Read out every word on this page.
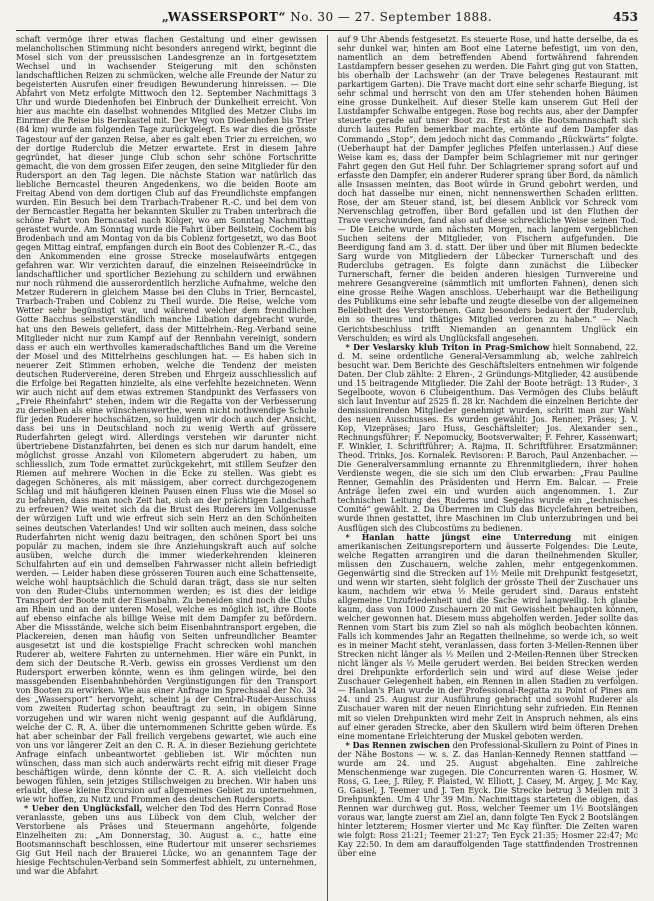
„WASSERSPORT“ No. 30 — 27. September 1888.	453

schaft vermöge ihrer etwas flachen Gestaltung und einer gewissen melancholischen Stimmung nicht besonders anregend wirkt, beginnt die Mosel sich von der preussischen Landesgrenze an in fortgesetztem Wechsel und in wachsender Steigerung mit den schönsten landschaftlichen Reizen zu schmücken, welche alle Freunde der Natur zu begeisterten Ausrufen einer freudigen Bewunderung hinreissen. — Die Abfahrt von Metz erfolgte Mittwoch den 12. September Nachmittags 3 Uhr und wurde Diedenhofen bei Einbruch der Dunkelheit erreicht. Von hier aus machte ein daselbst wohnendes Mitglied des Metzer Clubs im Einrmer die Reise bis Bernkastel mit. Der Weg von Diedenhofen bis Trier (84 km) wurde am folgenden Tage zurückgelegt. Es war dies die grösste Tagestour auf der ganzen Reise, aber es galt eben Trier zu erreichen, wo der dortige Ruderclub die Metzer erwartete. Erst in diesem Jahre gegründet, hat dieser junge Club schon sehr schöne Fortschritte gemacht, die von dem grossen Eifer zeugen, den seine Mitglieder für den Rudersport an den Tag legen. Die nächste Station war natürlich das liebliche Berncastel theuren Angedenkens, wo die beiden Boote am Freitag Abend von dem dortigen Club auf das Freundlichste empfangen wurden. Ein Besuch bei dem Trarbach-Trabener R.-C. und bei dem von der Berncastler Regatta her bekannten Skuller zu Traben unterbrach die schöne Fahrt von Berncastel nach Kölger, wo am Sonntag Nachmittag gerastet wurde. Am Sonntag wurde die Fahrt über Beilstein, Cochem bis Brodenbach und am Montag von da bis Coblenz fortgesetzt, wo das Boot gegen Mittag eintraf, empfangen durch ein Boot des Coblenzer R.-C., das den Ankommenden eine grosse Strecke moselaufwärts entgegen gefahren war. Wir verzichten darauf, die einzelnen Reiseeindrücke in landschaftlicher und sportlicher Beziehung zu schildern und erwähnen nur noch rühmend die ausserordentlich herzliche Aufnahme, welche den Metzer Ruderern in gleichem Masse bei den Clubs in Trier, Berncastel, Trarbach-Traben und Coblenz zu Theil wurde. Die Reise, welche vom Wetter sehr begünstigt war, und während welcher dem freundlichen Gotte Bacchus selbstverständlich manche Libation dargebracht wurde, hat uns den Beweis geliefert, dass der Mittelrhein.-Reg.-Verband seine Mitglieder nicht nur zum Kampf auf der Rennbahn vereinigt, sondern dass er auch ein werthvolles kameradschaftliches Band um die Vereine der Mosel und des Mittelrheins geschlungen hat. — Es haben sich in neuerer Zeit Stimmen erhoben, welche die Tendenz der meisten deutschen Rudervereine, deren Streben und Ehrgeiz ausschliesslich auf die Erfolge bei Regatten hinzielte, als eine verfehlte bezeichneten. Wenn wir auch nicht auf dem etwas extremen Standpunkt des Verfassers von „Freie Rheinfahrt“ stehen, indem wir die Regatta von der Verbesserung zu derselben als eine wünschenswerthe, wenn nicht nothwendige Schule für jeden Ruderer hochschätzen, so huldigen wir doch auch der Ansicht, dass bei uns in Deutschland noch zu wenig Werth auf grössere Ruderfahrten gelegt wird. Allerdings verstehen wir darunter nicht übertriebene Distanzfahrten, bei denen es sich nur darum handelt, eine möglichst grosse Anzahl von Kilometern abgerudert zu haben, um schliesslich, zum Tode ermattet zurückgekehrt, mit stillem Seufzer den Riemen auf mehrere Wochen in die Ecke zu stellen. Was giebt es dagegen Schöneres, als mit mässigem, aber correct durchgezogenem Schlag und mit häufigeren kleinen Pausen einen Fluss wie die Mosel so zu befahren, dass man noch Zeit hat, sich an der prächtigen Landschaft zu erfreuen? Wie weitet sich da die Brust des Ruderers im Vollgenusse der würzigen Luft und wie erfreut sich sein Herz an den Schönheiten seines deutschen Vaterlandes! Und wir sollten auch meinen, dass solche Ruderfahrten nicht wenig dazu beitragen, den schönen Sport bei uns populär zu machen, indem sie ihre Anziehungskraft auch auf solche ausüben, welche durch die immer wiederkehrenden kleineren Schulfahrten auf ein und demselben Fahrwasser nicht allein befriedigt werden. — Leider haben diese grösseren Touren auch eine Schattenseite, welche wohl hauptsächlich die Schuld daran trägt, dass sie nur selten von den Ruder-Clubs unternommen werden; es ist dies der leidige Transport der Boote mit der Eisenbahn. Zu beneiden sind noch die Clubs am Rhein und an der unteren Mosel, welche es möglich ist, ihre Boote auf ebenso einfache als billige Weise mit dem Dampfer zu befördern. Aber die Missstände, welche sich beim Eisenbahntransport ergeben, die Plackereien, denen man häufig von Seiten unfreundlicher Beamter ausgesetzt ist und die kostspielige Fracht schrecken wohl manchen Ruderer ab, weitere Fahrten zu unternehmen. Hier wäre ein Punkt, in dem sich der Deutsche R.-Verb. gewiss ein grosses Verdienst um den Rudersport erwerben könnte, wenn es ihm gelingen würde, bei den massgebenden Eisenbahnbehörden Vergünstigungen für den Transport von Booten zu erwirken. Wie aus einer Anfrage im Sprechsaal der No. 34 des „Wassersport“ hervorgeht, scheint ja der Central-Ruder-Ausschuss vom zweiten Rudertag schon beauftragt zu sein, in obigem Sinne vorzugehen und wir waren nicht wenig gespannt auf die Aufklärung, welche der C. R. A. über die unternommenen Schritte geben würde. Es hat aber scheinbar der Fall freilich vergebens gewartet, wie auch eine von uns vor längerer Zeit an den C. R. A. in dieser Beziehung gerichtete Anfrage einfach unbeantwortet geblieben ist. Wir möchten nun wünschen, dass man sich auch anderwärts recht eifrig mit dieser Frage beschäftigen würde, denn könnte der C. R. A. sich vielleicht doch bewogen fühlen, sein jetziges Stillschweigen zu brechen. Wir haben uns erlaubt, diese kleine Excursion auf allgemeines Gebiet zu unternehmen, wie wir hoffen, zu Nutz und Frommen des deutschen Rudersports.

* Ueber den Unglücksfall, welcher den Tod des Herrn Conrad Rose veranlasste, geben uns aus Lübeck von dem Club, welcher der Verstorbene als Präses und Steuermann angehörte, folgende Einzelheiten zu: „Am Donnerstag, 30. August a. c., hatte eine Bootsmannschaft beschlossen, eine Rudertour mit unserer sechsriemes Gig Gut Heil nach der Brauerei Lücke, wo an genanntem Tage der hiesige Fechtschulen-Verband sein Sommerfest abhielt, zu unternehmen, und war die Abfahrt

auf 9 Uhr Abends festgesetzt. Es steuerte Rose, und hatte derselbe, da es sehr dunkel war, hinten am Boot eine Laterne befestigt, um von den, namentlich an dem betreffenden Abend fortwährend fahrenden Lastdampfern besser gesehen zu werden. Die Fahrt ging gut von Statten, bis oberhalb der Lachswehr (an der Trave belegenes Restaurant mit parkartigem Garten). Die Trave macht dort eine sehr scharfe Biegung, ist sehr schmal und herrscht von den am Ufer stehenden hohen Bäumen eine grosse Dunkelheit. Auf dieser Stelle kam unserem Gut Heil der Lustdampfer Schwalbe entgegen. Rose bog rechts aus, aber der Dampfer steuerte gerade auf unser Boot zu. Erst als die Bootsmannschaft sich durch lautes Rufen bemerkbar machte, ertönte auf dem Dampfer das Commando „Stop“, dem jedoch nicht das Commando „Rückwärts“ folgte. (Ueberhaupt hat der Dampfer jegliches Pfeifen unterlassen.) Auf diese Weise kam es, dass der Dampfer beim Schlagriemer mit nur geringer Fahrt gegen den Gut Heil fuhr. Der Schlagriemer sprang sofort auf und erfasste den Dampfer, ein anderer Ruderer sprang über Bord, da nämlich alle Insassen meinten, das Boot würde in Grund gebohrt werden, und doch hat dasselbe nur einen, nicht nennenswerthen Schaden erlitten. Rose, der am Steuer stand, ist, bei diesem Anblick vor Schreck vom Nervenschlag getroffen, über Bord gefallen und ist den Fluthen der Trave verschwunden, fand also auf diese schreckliche Weise seinen Tod. — Die Leiche wurde am nächsten Morgen, nach langem vergeblichen Suchen seitens der Mitglieder, von Fischern aufgefunden. Die Beerdigung fand am 3. d. statt. Der über und über mit Blumen bedeckte Sarg wurde von Mitgliedern der Lübecker Turnerschaft und des Ruderclubs getragen. Es folgte dann zunächst die Lübecker Turnerschaft, ferner die beiden anderen hiesigen Turnvereine und mehrere Gesangvereine (sämmtlich mit umflorten Fahnen), denen sich eine grosse Reihe Wagen anschloss. Ueberhaupt war die Betheiligung des Publikums eine sehr lebafte und zeugte dieselbe von der allgemeinen Beliebtheit des Verstorbenen. Ganz besonders bedauert der Ruderclub, ein so theures und thätiges Mitglied verloren zu haben.“ — Nach Gerichtsbeschluss trifft Niemanden an genanntem Unglück ein Verschulden; es wird als Unglücksfall angesehen.

* Der Veslarsky klub Triton in Prag-Smichow hielt Sonnabend, 22. d. M. seine ordentliche General-Versammlung ab, welche zahlreich besucht war. Dem Berichte des Geschäftsleiters entnehmen wir folgende Daten. Der Club zählte: 2 Ehren-, 2 Gründungs-Mitglieder, 42 ausübende und 15 beitragende Mitglieder. Die Zahl der Boote beträgt: 13 Ruder-, 3 Segelboote, wovon 6 Clubeigenthum. Das Vermögen des Clubs beläuft sich laut Inventur auf 2525 fl. 28 kr. Nachdem die einzelnen Berichte der demissionirenden Mitglieder genehmigt wurden, schritt man zur Wahl des neuen Ausschusses. Es wurden gewählt: Jos. Renner, Präses; J. V. Kop, Vizepräses; Jaro Huss, Geschäftsleiter; Jos. Alexander sen., Rechnungsführer; F. Nepomucky, Bootsverwalter; F. Fehrer, Kassenwart; F. Winkler, I. Schriftführer; A. Rajma, II. Schriftführer. Ersatzmänner: Theod. Trinks, Jos. Kornalek. Revisoren: P. Baroch, Paul Anzenbacher. — Die Generalversammlung ernannte zu Ehrenmitgliedern, ihrer hohen Verdienste wegen, die sie sich um den Club erwarben: „Frau Pauline Renner, Gemahlin des Präsidenten und Herrn Em. Balcar. — Freie Anträge liefen zwei ein und wurden auch angenommen. 1. Zur technischen Leitung des Ruderns und Segelns wurde ein „technisches Comité“ gewählt. 2. Da Überrmen im Club das Bicyclefahren betreiben, wurde ihnen gestattet, ihre Maschinen im Club unterzubringen und bei Ausflügen sich des Clubcostüms zu bedienen.

* Hanlan hatte jüngst eine Unterredung mit einigen amerikanischen Zeitungsreportern und äusserte Folgendes: Die Leute, welche Regatten arrangiren und die daran theilnehmenden Skuller, müssen den Zuschauern, welche zahlen, mehr entgegenkommen. Gegenwärtig sind die Strecken auf 1½ Meile mit Drehpunkt festgesetzt, und wenn wir starten, sieht folglich der grösste Theil der Zuschauer uns kaum, nachdem wir etwa ½ Meile gerudert sind. Daraus entsteht allgemeine Unzufriedenheit und die Sache wird langweilig. Ich glaube kaum, dass von 1000 Zuschauern 20 mit Gewissheit behaupten können, welcher gewonnen hat. Diesem muss abgeholfen werden. Jeder sollte das Rennen vom Start bis zum Ziel so nah als möglich beobachten können. Falls ich kommendes Jahr an Regatten theilnehme, so werde ich, so weit es in meiner Macht steht, veranlassen, dass forten 3-Meilen-Rennen über Strecken nicht länger als ½ Meilen und 2-Meilen-Rennen über Strecken nicht länger als ⅓ Meile gerudert werden. Bei beiden Strecken werden drei Drehpunkte erforderlich sein und wird auf diese Weise jeder Zuschauer Gelegenheit haben, ein Rennen in allen Stadien zu verfolgen. — Hanlan's Plan wurde in der Professional-Regatta zu Point of Pines am 24. und 25. August zur Ausführung gebracht und sowohl Ruderer als Zuschauer waren mit der neuen Einrichtung sehr zufrieden. Ein Rennen mit so vielen Drehpunkten wird mehr Zeit in Anspruch nehmen, als eins auf einer geraden Strecke, aber den Skullern wird beim öfteren Drehen eine momentane Erleichterung der Muskel geboten werden.

* Das Rennen zwischen den Professional-Skullern zu Point of Pines in der Nähe Bostons — w. s. Z. das Hanlan-Kennedy Rennen stattfand — wurde am 24. und 25. August abgehalten. Eine zahlreiche Menschenmenge war zugegen. Die Concurrenten waren G. Hosmer, W. Ross, G. Lee, J. Riley, F. Plaisted, W. Elliott, J. Casey, M. Argey, J. Mc Kay, G. Gaisel, J. Teemer und J. Ten Eyck. Die Strecke betrug 3 Meilen mit 3 Drehpunkten. Um 4 Uhr 39 Min. Nachmittags starteten die obigen, das Rennen war durchweg gut. Ross, welcher Teemer um 1½ Bootslängen voraus war, langte zuerst am Ziel an, dann folgte Ten Eyck 2 Bootslängen hinter letzterem; Hosmer vierter und Mc Kay fünfter. Die Zeiten waren wie folgt: Ross 21:21; Teemer 21:27; Ten Eyck 21:35; Hosmer 22:47; Mc Kay 22:50. In dem am darauffolgenden Tage stattfindenden Trostrennen über eine
